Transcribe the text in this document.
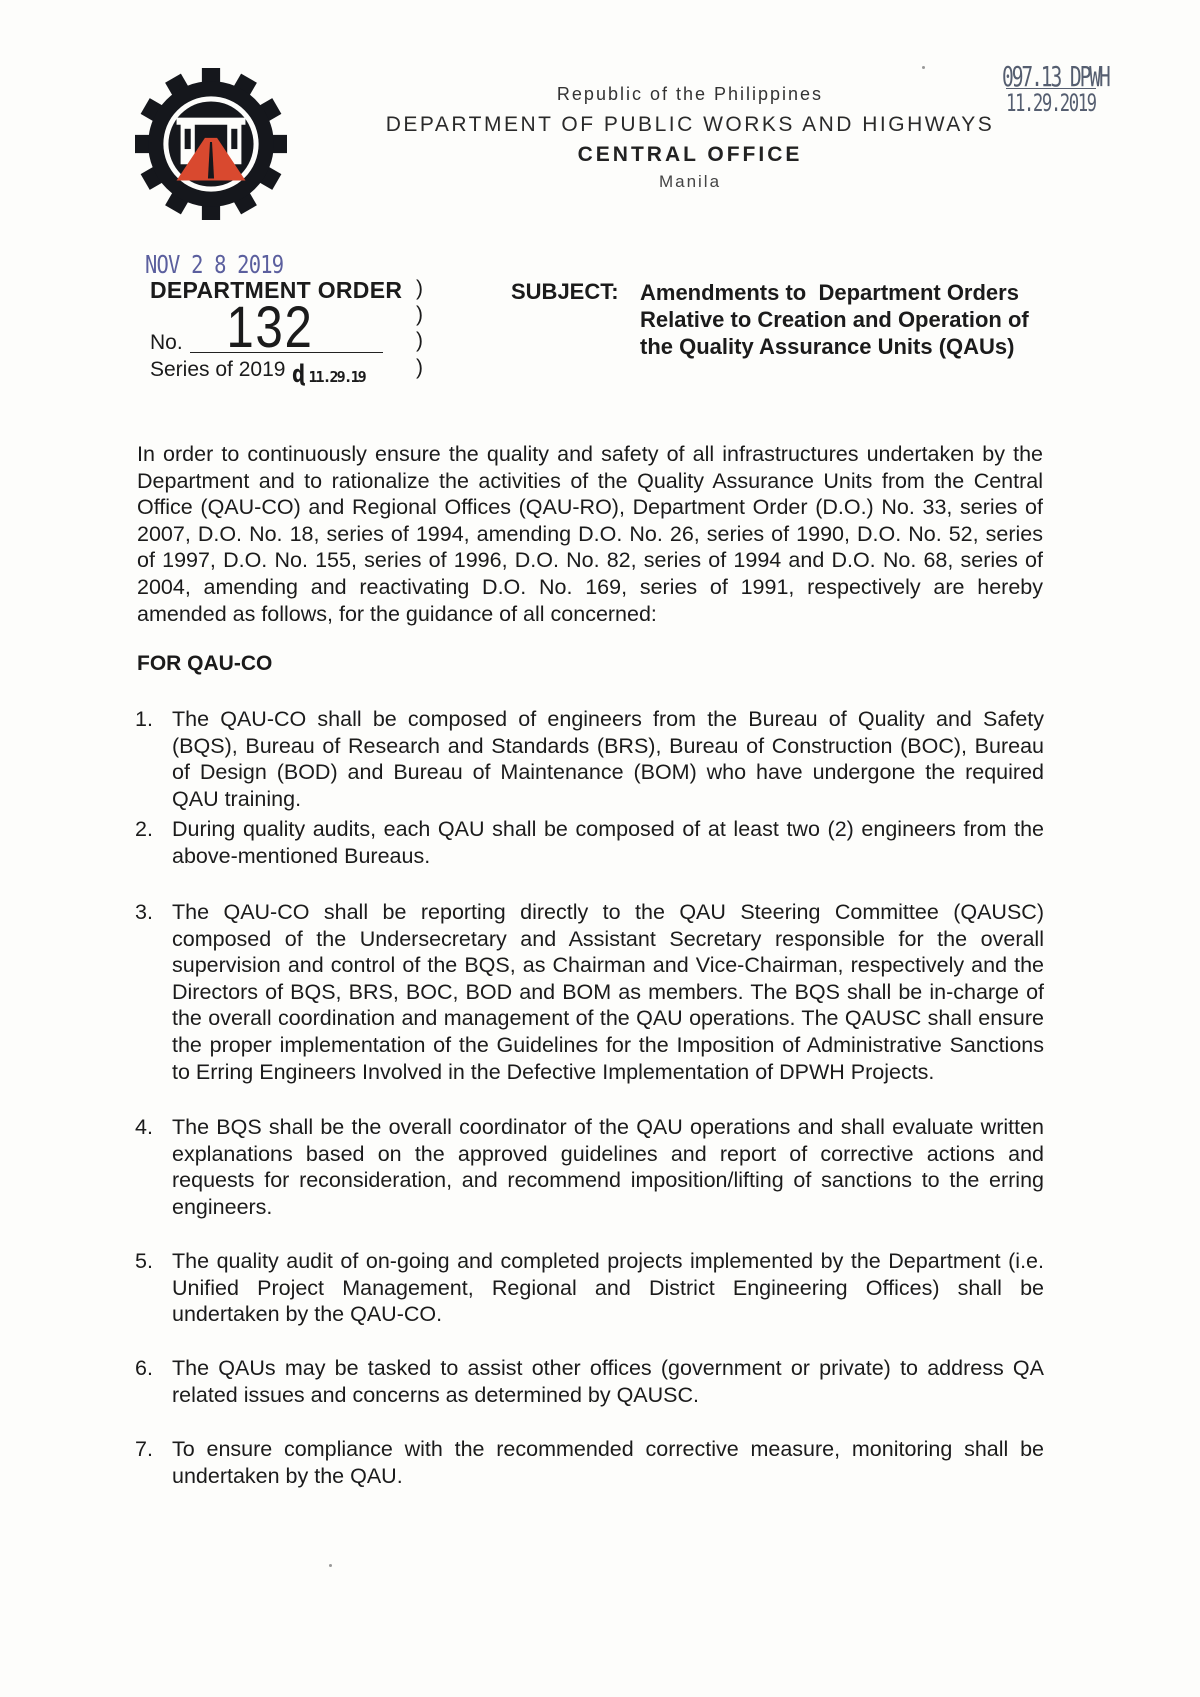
Republic of the Philippines
DEPARTMENT OF PUBLIC WORKS AND HIGHWAYS
CENTRAL OFFICE
Manila
097.13 DPWH
11.29.2019
NOV 2 8 2019
DEPARTMENT ORDER
No. 132
Series of 2019 ɖ 11.29.19
)
)
)
)
SUBJECT: Amendments to  Department Orders
Relative to Creation and Operation of
the Quality Assurance Units (QAUs)
In order to continuously ensure the quality and safety of all infrastructures undertaken by the Department and to rationalize the activities of the Quality Assurance Units from the Central Office (QAU-CO) and Regional Offices (QAU-RO), Department Order (D.O.) No. 33, series of 2007, D.O. No. 18, series of 1994, amending D.O. No. 26, series of 1990, D.O. No. 52, series of 1997, D.O. No. 155, series of 1996, D.O. No. 82, series of 1994 and D.O. No. 68, series of 2004, amending and reactivating D.O. No. 169, series of 1991, respectively are hereby amended as follows, for the guidance of all concerned:
FOR QAU-CO
1. The QAU-CO shall be composed of engineers from the Bureau of Quality and Safety (BQS), Bureau of Research and Standards (BRS), Bureau of Construction (BOC), Bureau of Design (BOD) and Bureau of Maintenance (BOM) who have undergone the required QAU training.
2. During quality audits, each QAU shall be composed of at least two (2) engineers from the above-mentioned Bureaus.
3. The QAU-CO shall be reporting directly to the QAU Steering Committee (QAUSC) composed of the Undersecretary and Assistant Secretary responsible for the overall supervision and control of the BQS, as Chairman and Vice-Chairman, respectively and the Directors of BQS, BRS, BOC, BOD and BOM as members. The BQS shall be in-charge of the overall coordination and management of the QAU operations. The QAUSC shall ensure the proper implementation of the Guidelines for the Imposition of Administrative Sanctions to Erring Engineers Involved in the Defective Implementation of DPWH Projects.
4. The BQS shall be the overall coordinator of the QAU operations and shall evaluate written explanations based on the approved guidelines and report of corrective actions and requests for reconsideration, and recommend imposition/lifting of sanctions to the erring engineers.
5. The quality audit of on-going and completed projects implemented by the Department (i.e. Unified Project Management, Regional and District Engineering Offices) shall be undertaken by the QAU-CO.
6. The QAUs may be tasked to assist other offices (government or private) to address QA related issues and concerns as determined by QAUSC.
7. To ensure compliance with the recommended corrective measure, monitoring shall be undertaken by the QAU.
